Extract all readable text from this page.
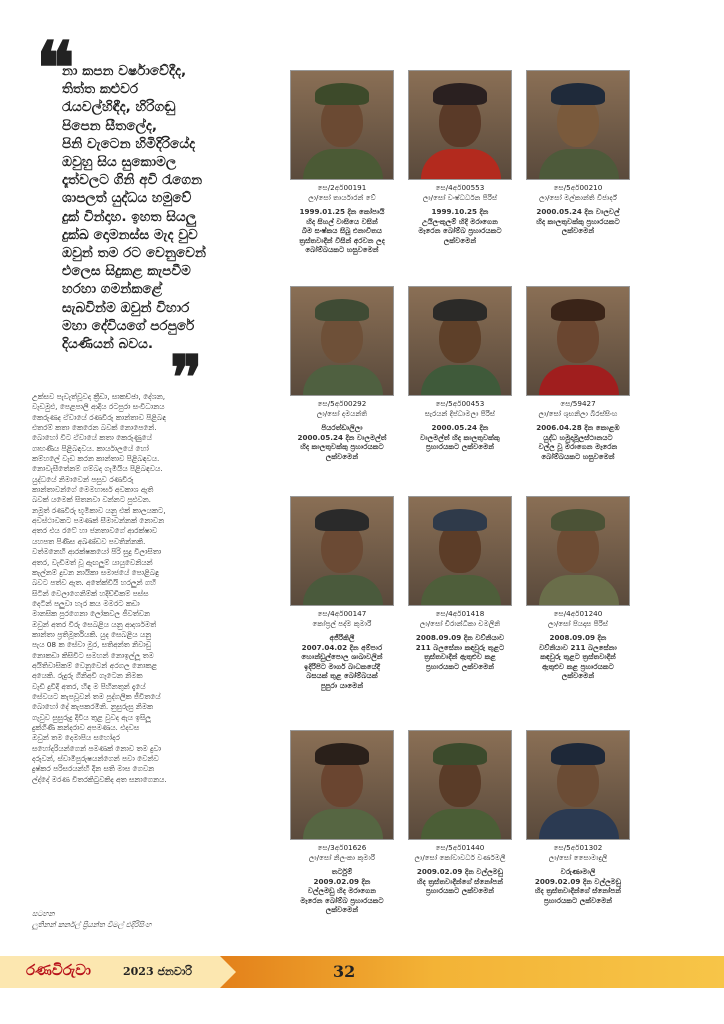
❝
නා කපන වර්ෂාවේදීද,
තිත්ත කළුවර
රැයවල්හිඳීද, හිරිගඬු
පිපෙන සීතලේද,
පිනි වැටෙන හිමිදිරියේද
ඔවුහු සිය සුකොමල
දෑත්වලට ගිනි අවි රැගෙන
ශාපලත් යුද්ධය හමුවේ
දුක් වින්දාහ. ඉහත සියලු
දුක්ඛ දොමනස්ස මැද වුව
ඔවුන් තම රට වෙනුවෙන්
එලෙස සිදුකළ කැපවීම
හරහා ගමන්කළේ
සැබවින්ම ඔවුන් විහාර
මහා දේවියගේ පරපුරේ
දියණියන් බවය. ❞
උක්සව පැවැත්වූවද ක්‍රීඩා, සාකච්ඡා, දේශන,
වැඩමුළු, පෙළපාලි ආදිය රටපුරා සංවිධානය
කෙරුණද ඒවායේ රණවිරු කාන්තාව පිළිබඳ
එතරම් කතා කෙරෙන බවක් නොපෙනේ.
බොහෝ විට ඒවායේ කතා කෙරුණුයේ
ගෘහණිය පිළිබඳවය. කාර්යාලයේ හෝ
කම්හලේ වැඩ කරන කාන්තාව පිළිබඳවය.
නොවැසීතේනම් ගම්බද ගැමියිය පිළිබඳවය.
යුද්ධයේ නිමාවෙන් පසුව රණවිරු
කාන්තාවන්ගේ මෙමහාර්ඝ අවකාශ ඇති
බවක් යමෙක් සිතනවා වන්නට පුළුවන.
නමුත් රණවිරු භූමිකාව යනු එක් කාලයකට,
අවස්ථාවකට පමණක් සීමාවන්නක් නොවන
අතර එය රටේ හා ජනතාවගේ ආරක්ෂාව
යහපත පිණිස අඛණ්ඩව පවතින්නකි.
වත්මනෙහි ආරක්ෂකයෝ පිරි සුදු විලාසිතා
අතර, වැඩිමත් වූ ඇඟලුම් යායුවෙනියන්
කැල්නම් දුවන නායිකා සමාජයේ පොළිබඳු
බවට පත්ව ඇත. අතේක්වියි හරලුන් ගහි
සිටින් වෙලාගෙනිම්ක් හදිච්චිකම් පස්ස
දෙටින් පලුවා හැර කය මමරට කඩා
මානසික පුරගෙනා ලෝකවල ජීවත්වන
ඔවුන් අතර විරු සෙබළිය යනු ආදර්ශමත්
කාන්තා ප්‍රතිමූර්තියකි. යුද සෙබළිය යනු
පැය 08 ක සේවා මුර, සතිඅන්ත නිවාඩු
නොකඩා කිසිවිට සමහන් නොඉල්ලූ තම
අයිතිවාසිකම් වෙනුවෙන් අරගල නොකළ
අයෙකි. රුදුරු ගිනිඅවි ගැටෙන නිමක
වැඩි දුවිදි අතර, හිඳ ම පිහිනතුන් දැයේ
සේවයට කැපවූවන් තම පුද්ගලික ජීවිතයේ
බොහෝ දේ කැපකරමිනි. නුසුරුසු නිමක
ගැවුව සුසුරුදු දිවිය තුළ වුවද ඇය ඉසිලූ
දුක්ගිණි කන්දරාව අපමණය. එදවස
ඔවුන් තම දෙමාපිය සහෝදර
සහෝදරියන්ගෙන් පමණක් නොව තම දුවා
දරුවන්, ස්වාමිපුරුෂයන්ගෙන් පවා වෙන්ව
දුෂ්කර පරිසරයන්හි දින සති මාස ගෙවන
ල්ද්දේ මරණ විතරකිටුවකිද අත සනාගෙනය.
සටහන
ලුතිනන් කර්නල් ප්‍රියන්ත විමල් එදිරිසිංහ
සෙ/2අර්00191
ලා/සෝ තාර්යාරන් වේ
1999.01.25 දින කෝපායි
හිද සිහල් වාසියෙ වසින්
බිම සංෂ්කය සිබු එනාවිතය
ත්‍රස්තවාදීන් විසින් අරවන ලද
බෝම්බයකට හසුවමෙන්
සෙ/4අර්00553
ලා/සෝ වංෂ්ධර්ධන පීරිස්
1999.10.25 දින
උයිලංකුලම් හිදි මරාගෙන
මැරෙන බෝම්බ ප්‍රහාරයකට
ලක්වමෙන්
සෙ/5අර්00210
ලා/සෝ මල්කාන්ති විජාර්ද්
2000.05.24 දින වාලවල්
හිද කාලතුවක්කු ප්‍රහාරයකට
ලක්වමෙන්
සෙ/5අර්00292
ලා/සෝ දමයන්ති
පියරත්ඩාලිලා
2000.05.24 දින වාලමල්ත්
හිද කාලතුවක්කු ප්‍රහාරයකට
ලක්වමෙන්
සෙ/5අර්00453
සැරයන් දීප්ධාමලා පීරිස්
2000.05.24 දින
වාලමල්ත් හිද කාලතුවක්කු
ප්‍රහාරයකට ලක්වමෙන්
සෙ/59427
ලා/සෝ ශුභනිලා බිරස්සිංහ
2006.04.28 දින කොළඹ
යුද්ධ හමුදාමූලස්ථානයට
වල්ල වූ මරාගෙන මැරෙන
බෝම්බයකට හසුවමෙන්
සෙ/4අර්00147
කෝප්‍රල් පද්ම කුමාරි
අජිරිකිලී
2007.04.02 දින අම්පාර
හොන්ඩුල්පොල ශාඛාවලින්
ඉදිරිපිට මාර්ග බාධකයේදී
බසයක් තුළ බෝම්බයක්
පුපුරා යාමෙන්
සෙ/4අර්01418
ලා/සෝ චිරාන්ධිකා චමලිනි
2008.09.09 දින වව්නියාව
211 බලසේනා කඳවුරු තුළට
ත්‍රස්තවාදීන් ඇතුළුව කළ
ප්‍රහාරයකට ලක්වමෙන්
සෙ/4අර්01240
ලා/සෝ පියදාස පීරිස්
2008.09.09 දින
වව්නියාව 211 බලසේනා
කඳවුරු තුළට ත්‍රස්තවාදීන්
ඇතුළුව කළ ප්‍රහාරයකට
ලක්වමෙන්
සෙ/3අර්01626
ලා/සෝ නිලංකා කුමාරි
තර්ටුම්
2009.02.09 දින
වල්ලමඩු හිද මරාගෙන
මැරෙන බෝම්බ ප්‍රහාරයකට
ලක්වමෙන්
සෙ/5අර්01440
ලා/සෝ කෝවාවර්ධ වර්ණමලී
2009.02.09 දින වල්ලමඩු
හිද ත්‍රස්තවාදීන්ගේ ස්නෝපන්
ප්‍රහාරයකට ලක්වමෙන්
සෙ/5අර්01302
ලා/සෝ සෙොමාදුලි
වරුණාමාලි
2009.02.09 දින වල්ලමඩු
හිද ත්‍රස්තවාදීන්ගේ ස්නෝපන්
ප්‍රහාරයකට ලක්වමෙන්
රණවිරුවා	2023 ජනවාරි	32
